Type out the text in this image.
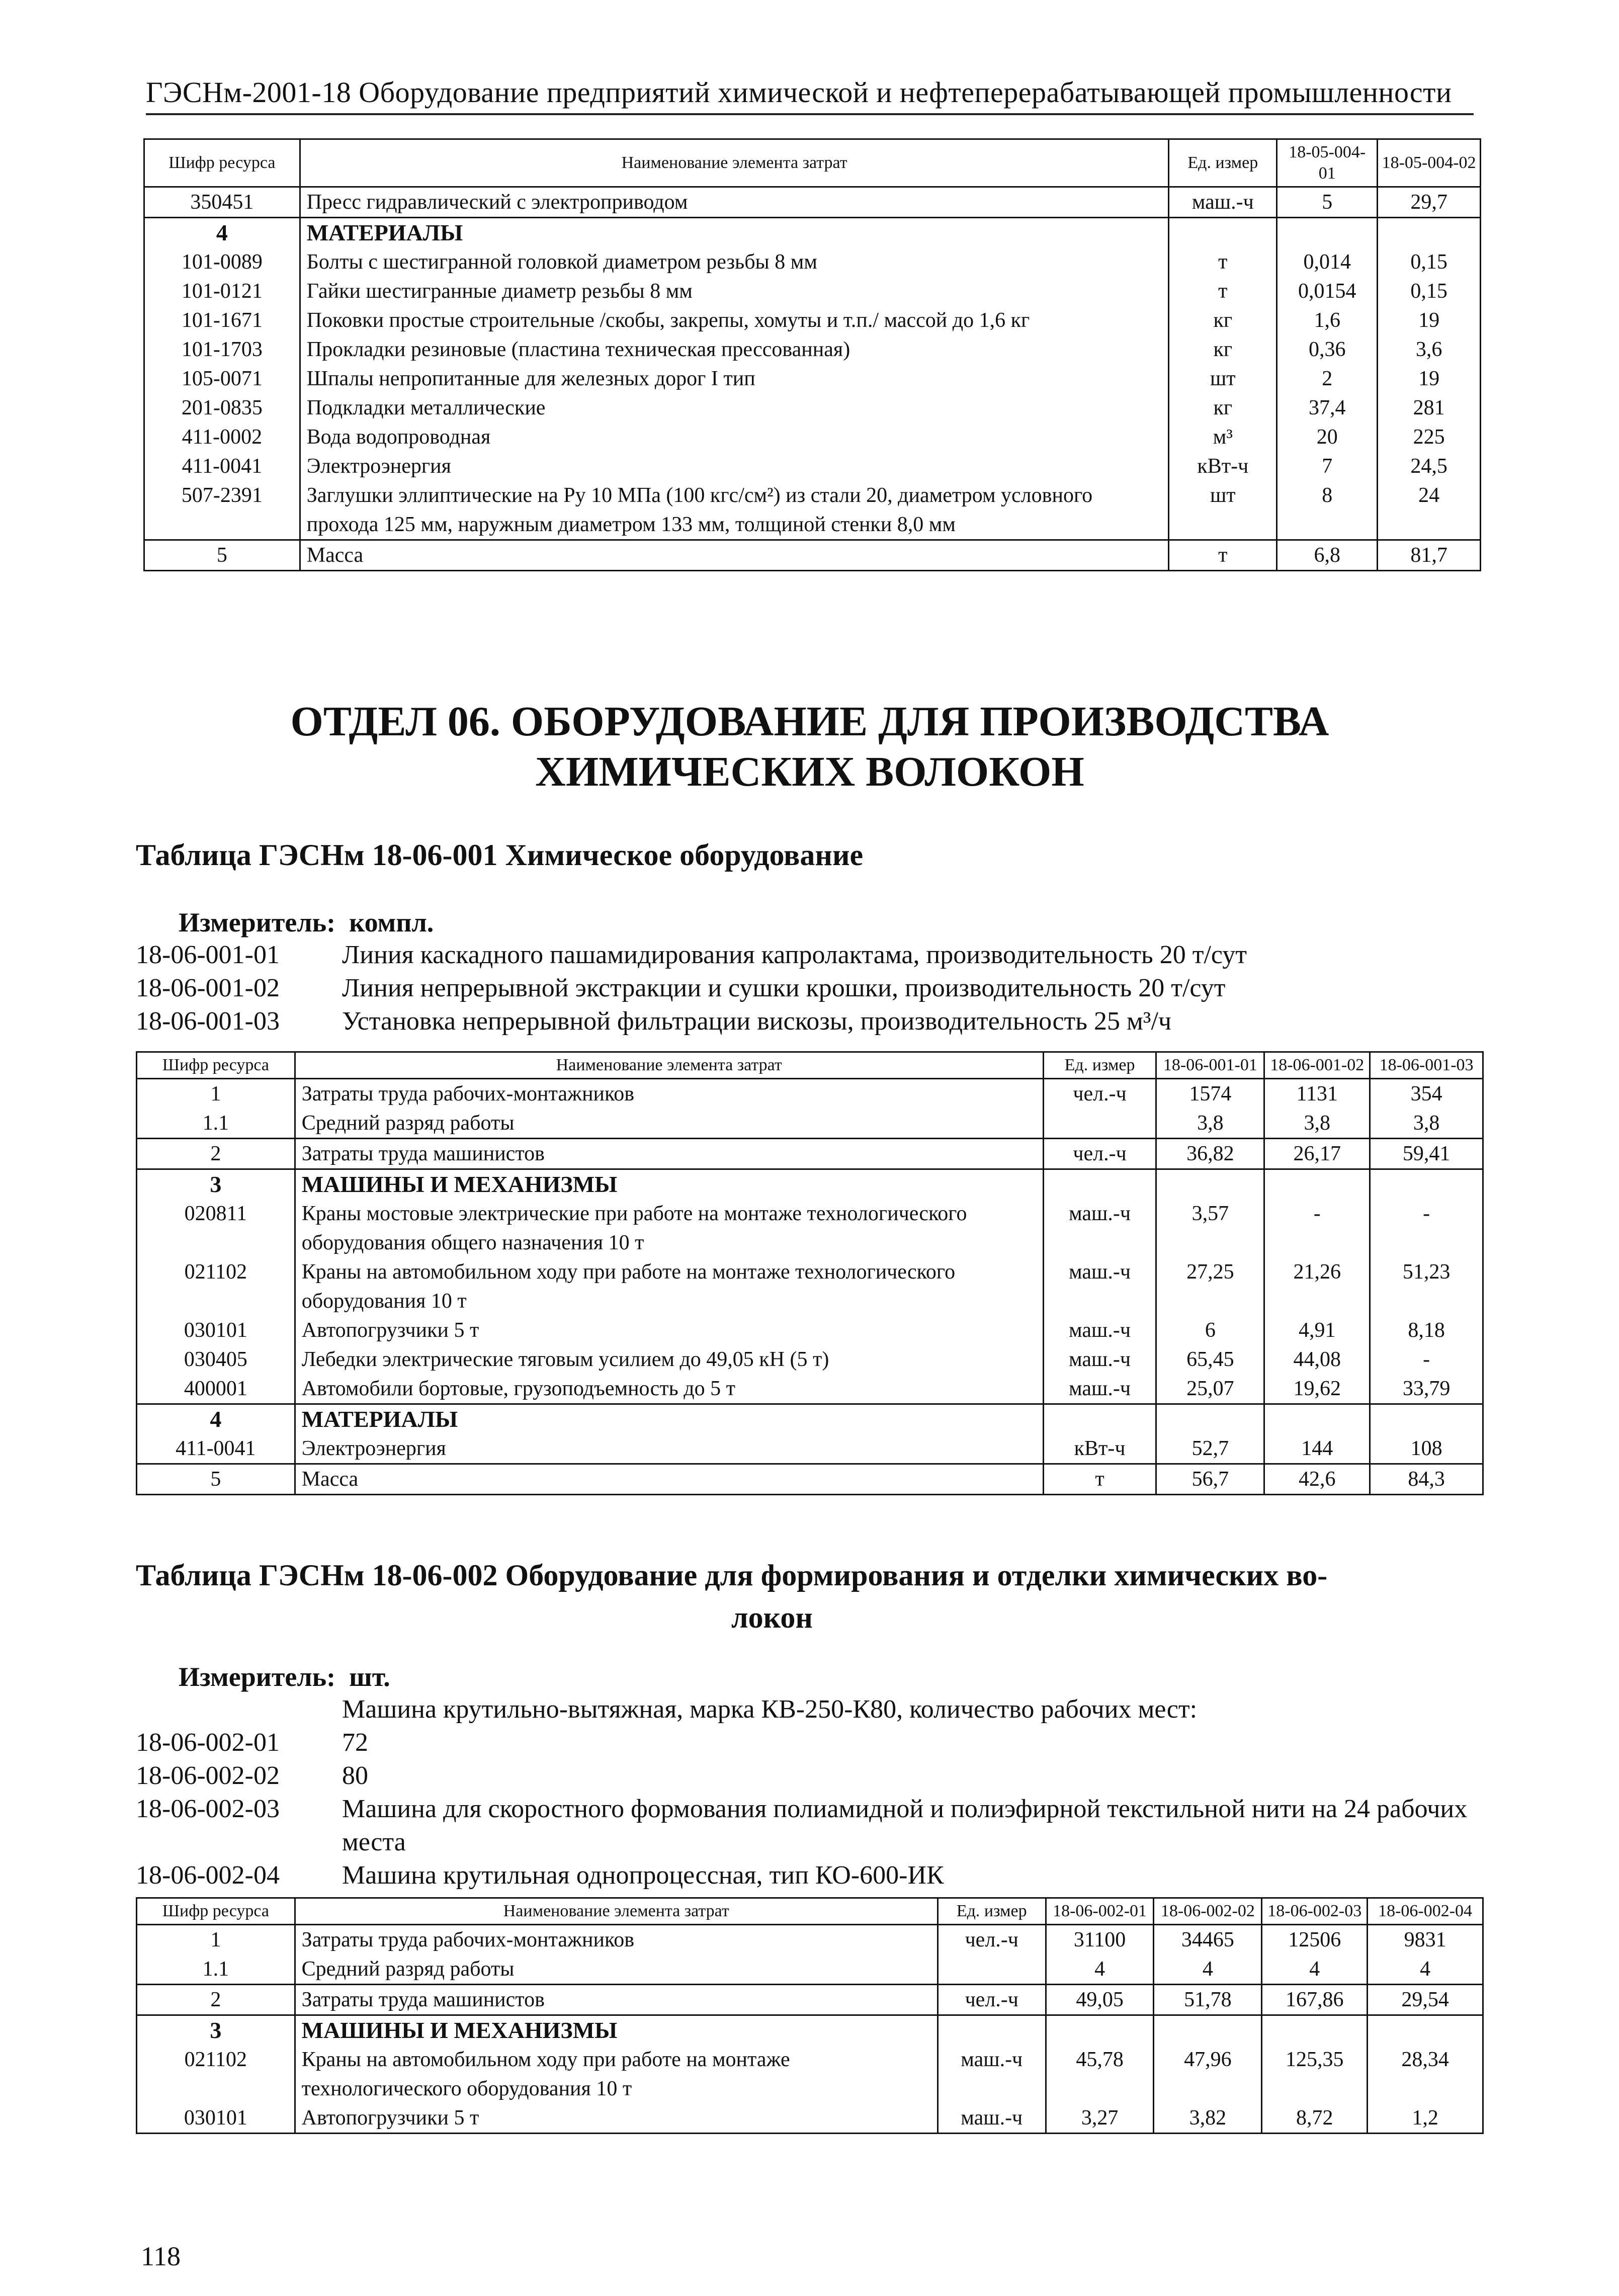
ГЭСНм-2001-18 Оборудование предприятий химической и нефтеперерабатывающей промышленности
Шифр ресурса	Наименование элемента затрат	Ед. измер	18-05-004-01	18-05-004-02
350451	Пресс гидравлический с электроприводом	маш.-ч	5	29,7
4	МАТЕРИАЛЫ			
101-0089	Болты с шестигранной головкой диаметром резьбы 8 мм	т	0,014	0,15
101-0121	Гайки шестигранные диаметр резьбы 8 мм	т	0,0154	0,15
101-1671	Поковки простые строительные /скобы, закрепы, хомуты и т.п./ массой до 1,6 кг	кг	1,6	19
101-1703	Прокладки резиновые (пластина техническая прессованная)	кг	0,36	3,6
105-0071	Шпалы непропитанные для железных дорог I тип	шт	2	19
201-0835	Подкладки металлические	кг	37,4	281
411-0002	Вода водопроводная	м³	20	225
411-0041	Электроэнергия	кВт-ч	7	24,5
507-2391	Заглушки эллиптические на Ру 10 МПа (100 кгс/см²) из стали 20, диаметром условного прохода 125 мм, наружным диаметром 133 мм, толщиной стенки 8,0 мм	шт	8	24
5	Масса	т	6,8	81,7
ОТДЕЛ 06. ОБОРУДОВАНИЕ ДЛЯ ПРОИЗВОДСТВА ХИМИЧЕСКИХ ВОЛОКОН
Таблица ГЭСНм 18-06-001 Химическое оборудование
Измеритель: компл.
18-06-001-01	Линия каскадного пашамидирования капролактама, производительность 20 т/сут
18-06-001-02	Линия непрерывной экстракции и сушки крошки, производительность 20 т/сут
18-06-001-03	Установка непрерывной фильтрации вискозы, производительность 25 м³/ч
Шифр ресурса	Наименование элемента затрат	Ед. измер	18-06-001-01	18-06-001-02	18-06-001-03
1	Затраты труда рабочих-монтажников	чел.-ч	1574	1131	354
1.1	Средний разряд работы		3,8	3,8	3,8
2	Затраты труда машинистов	чел.-ч	36,82	26,17	59,41
3	МАШИНЫ И МЕХАНИЗМЫ				
020811	Краны мостовые электрические при работе на монтаже технологического оборудования общего назначения 10 т	маш.-ч	3,57	-	-
021102	Краны на автомобильном ходу при работе на монтаже технологического оборудования 10 т	маш.-ч	27,25	21,26	51,23
030101	Автопогрузчики 5 т	маш.-ч	6	4,91	8,18
030405	Лебедки электрические тяговым усилием до 49,05 кН (5 т)	маш.-ч	65,45	44,08	-
400001	Автомобили бортовые, грузоподъемность до 5 т	маш.-ч	25,07	19,62	33,79
4	МАТЕРИАЛЫ				
411-0041	Электроэнергия	кВт-ч	52,7	144	108
5	Масса	т	56,7	42,6	84,3
Таблица ГЭСНм 18-06-002 Оборудование для формирования и отделки химических во-
локон
Измеритель: шт.
Машина крутильно-вытяжная, марка КВ-250-К80, количество рабочих мест:
18-06-002-01	72
18-06-002-02	80
18-06-002-03	Машина для скоростного формования полиамидной и полиэфирной текстильной нити на 24 рабочих места
18-06-002-04	Машина крутильная однопроцессная, тип КО-600-ИК
Шифр ресурса	Наименование элемента затрат	Ед. измер	18-06-002-01	18-06-002-02	18-06-002-03	18-06-002-04
1	Затраты труда рабочих-монтажников	чел.-ч	31100	34465	12506	9831
1.1	Средний разряд работы		4	4	4	4
2	Затраты труда машинистов	чел.-ч	49,05	51,78	167,86	29,54
3	МАШИНЫ И МЕХАНИЗМЫ					
021102	Краны на автомобильном ходу при работе на монтаже технологического оборудования 10 т	маш.-ч	45,78	47,96	125,35	28,34
030101	Автопогрузчики 5 т	маш.-ч	3,27	3,82	8,72	1,2
118
